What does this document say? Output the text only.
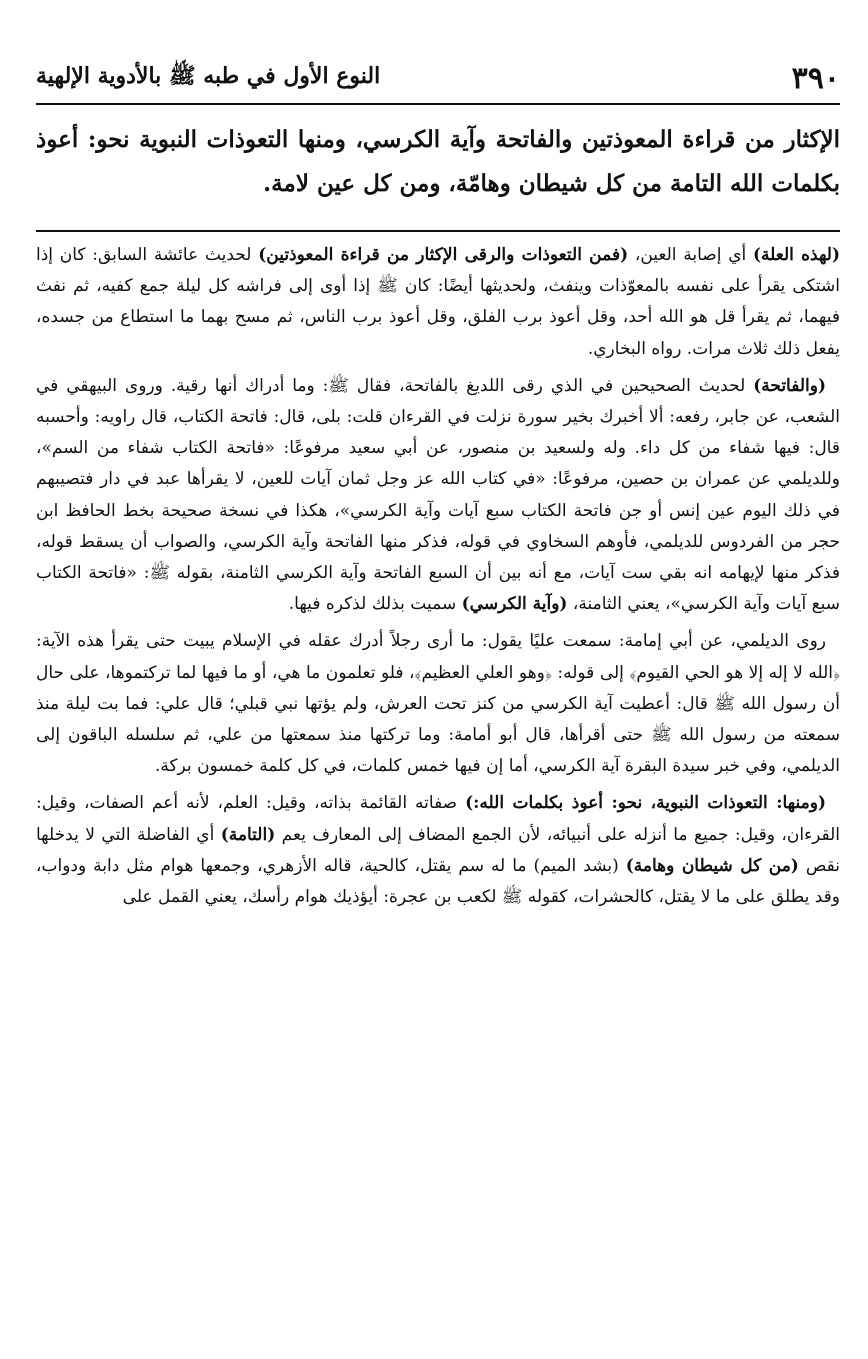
٣٩٠
النوع الأول في طبه ﷺ بالأدوية الإلهية
الإكثار من قراءة المعوذتين والفاتحة وآية الكرسي، ومنها التعوذات النبوية نحو: أعوذ بكلمات الله التامة من كل شيطان وهامّة، ومن كل عين لامة.

(لهذه العلة) أي إصابة العين، (فمن التعوذات والرقى الإكثار من قراءة المعوذتين) لحديث عائشة السابق: كان إذا اشتكى يقرأ على نفسه بالمعوّذات وينفث، ولحديثها أيضًا: كان ﷺ إذا أوى إلى فراشه كل ليلة جمع كفيه، ثم نفث فيهما، ثم يقرأ قل هو الله أحد، وقل أعوذ برب الفلق، وقل أعوذ برب الناس، ثم مسح بهما ما استطاع من جسده، يفعل ذلك ثلاث مرات. رواه البخاري.

(والفاتحة) لحديث الصحيحين في الذي رقى اللديغ بالفاتحة، فقال ﷺ: وما أدراك أنها رقية. وروى البيهقي في الشعب، عن جابر، رفعه: ألا أخبرك بخير سورة نزلت في القرءان قلت: بلى، قال: فاتحة الكتاب، قال راويه: وأحسبه قال: فيها شفاء من كل داء. وله ولسعيد بن منصور، عن أبي سعيد مرفوعًا: «فاتحة الكتاب شفاء من السم»، وللديلمي عن عمران بن حصين، مرفوعًا: «في كتاب الله عز وجل ثمان آيات للعين، لا يقرأها عبد في دار فتصيبهم في ذلك اليوم عين إنس أو جن فاتحة الكتاب سبع آيات وآية الكرسي»، هكذا في نسخة صحيحة بخط الحافظ ابن حجر من الفردوس للديلمي، فأوهم السخاوي في قوله، فذكر منها الفاتحة وآية الكرسي، والصواب أن يسقط قوله، فذكر منها لإيهامه انه بقي ست آيات، مع أنه بين أن السبع الفاتحة وآية الكرسي الثامنة، بقوله ﷺ: «فاتحة الكتاب سبع آيات وآية الكرسي»، يعني الثامنة، (وآية الكرسي) سميت بذلك لذكره فيها.

روى الديلمي، عن أبي إمامة: سمعت عليًا يقول: ما أرى رجلاً أدرك عقله في الإسلام يبيت حتى يقرأ هذه الآية: ﴿الله لا إله إلا هو الحي القيوم﴾ إلى قوله: ﴿وهو العلي العظيم﴾، فلو تعلمون ما هي، أو ما فيها لما تركتموها، على حال أن رسول الله ﷺ قال: أعطيت آية الكرسي من كنز تحت العرش، ولم يؤتها نبي قبلي؛ قال علي: فما بت ليلة منذ سمعته من رسول الله ﷺ حتى أقرأها، قال أبو أمامة: وما تركتها منذ سمعتها من علي، ثم سلسله الباقون إلى الديلمي، وفي خبر سيدة البقرة آية الكرسي، أما إن فيها خمس كلمات، في كل كلمة خمسون بركة.

(ومنها: التعوذات النبوية، نحو: أعوذ بكلمات الله:) صفاته القائمة بذاته، وقيل: العلم، لأنه أعم الصفات، وقيل: القرءان، وقيل: جميع ما أنزله على أنبيائه، لأن الجمع المضاف إلى المعارف يعم (التامة) أي الفاضلة التي لا يدخلها نقص (من كل شيطان وهامة) (بشد الميم) ما له سم يقتل، كالحية، قاله الأزهري، وجمعها هوام مثل دابة ودواب، وقد يطلق على ما لا يقتل، كالحشرات، كقوله ﷺ لكعب بن عجرة: أيؤذيك هوام رأسك، يعني القمل على
